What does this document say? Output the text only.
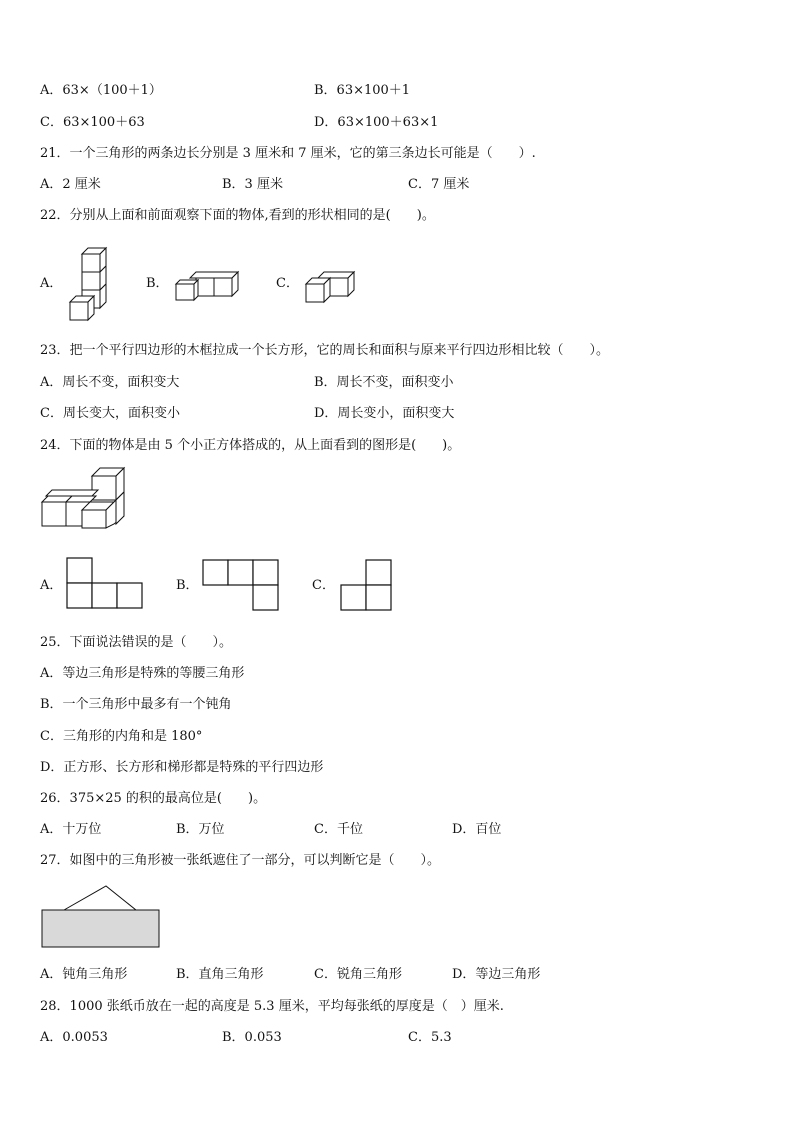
A．63×（100＋1）	B．63×100＋1
C．63×100＋63	D．63×100＋63×1
21．一个三角形的两条边长分别是 3 厘米和 7 厘米，它的第三条边长可能是（　　）.
A．2 厘米	B．3 厘米	C．7 厘米
22．分别从上面和前面观察下面的物体,看到的形状相同的是(　　)。
A．	B．	C．
23．把一个平行四边形的木框拉成一个长方形，它的周长和面积与原来平行四边形相比较（　　）。
A．周长不变，面积变大	B．周长不变，面积变小
C．周长变大，面积变小	D．周长变小，面积变大
24．下面的物体是由 5 个小正方体搭成的，从上面看到的图形是(　　)。
A．	B．	C．
25．下面说法错误的是（　　）。
A．等边三角形是特殊的等腰三角形
B．一个三角形中最多有一个钝角
C．三角形的内角和是 180°
D．正方形、长方形和梯形都是特殊的平行四边形
26．375×25 的积的最高位是(　　)。
A．十万位	B．万位	C．千位	D．百位
27．如图中的三角形被一张纸遮住了一部分，可以判断它是（　　）。
A．钝角三角形	B．直角三角形	C．锐角三角形	D．等边三角形
28．1000 张纸币放在一起的高度是 5.3 厘米，平均每张纸的厚度是（　）厘米.
A．0.0053	B．0.053	C．5.3
